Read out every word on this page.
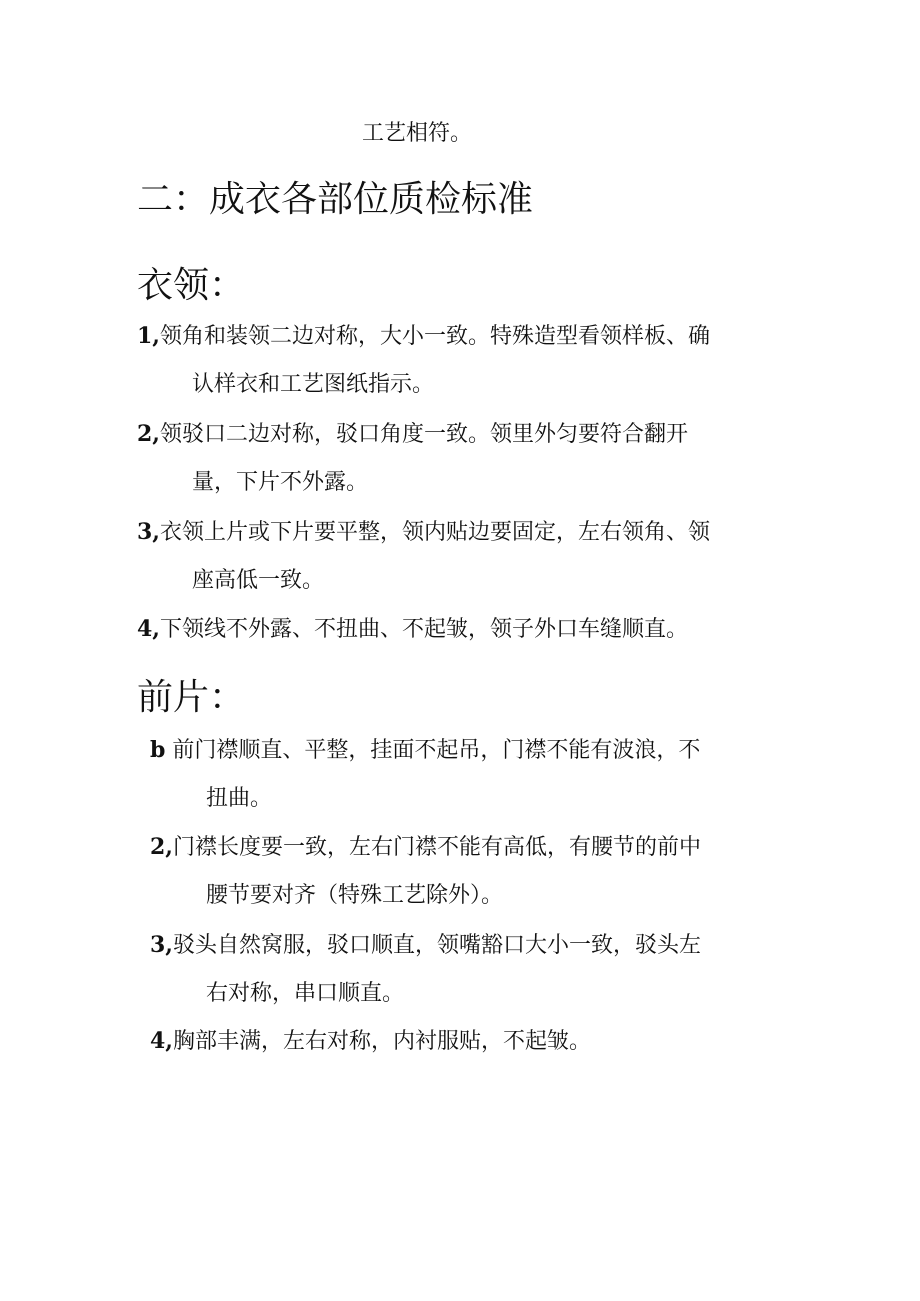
工艺相符。
二：成衣各部位质检标准
衣领：
1,领角和装领二边对称，大小一致。特殊造型看领样板、确
认样衣和工艺图纸指示。
2,领驳口二边对称，驳口角度一致。领里外匀要符合翻开
量，下片不外露。
3,衣领上片或下片要平整，领内贴边要固定，左右领角、领
座高低一致。
4,下领线不外露、不扭曲、不起皱，领子外口车缝顺直。
前片：
b 前门襟顺直、平整，挂面不起吊，门襟不能有波浪，不
扭曲。
2,门襟长度要一致，左右门襟不能有高低，有腰节的前中
腰节要对齐（特殊工艺除外）。
3,驳头自然窝服，驳口顺直，领嘴豁口大小一致，驳头左
右对称，串口顺直。
4,胸部丰满，左右对称，内衬服贴，不起皱。
